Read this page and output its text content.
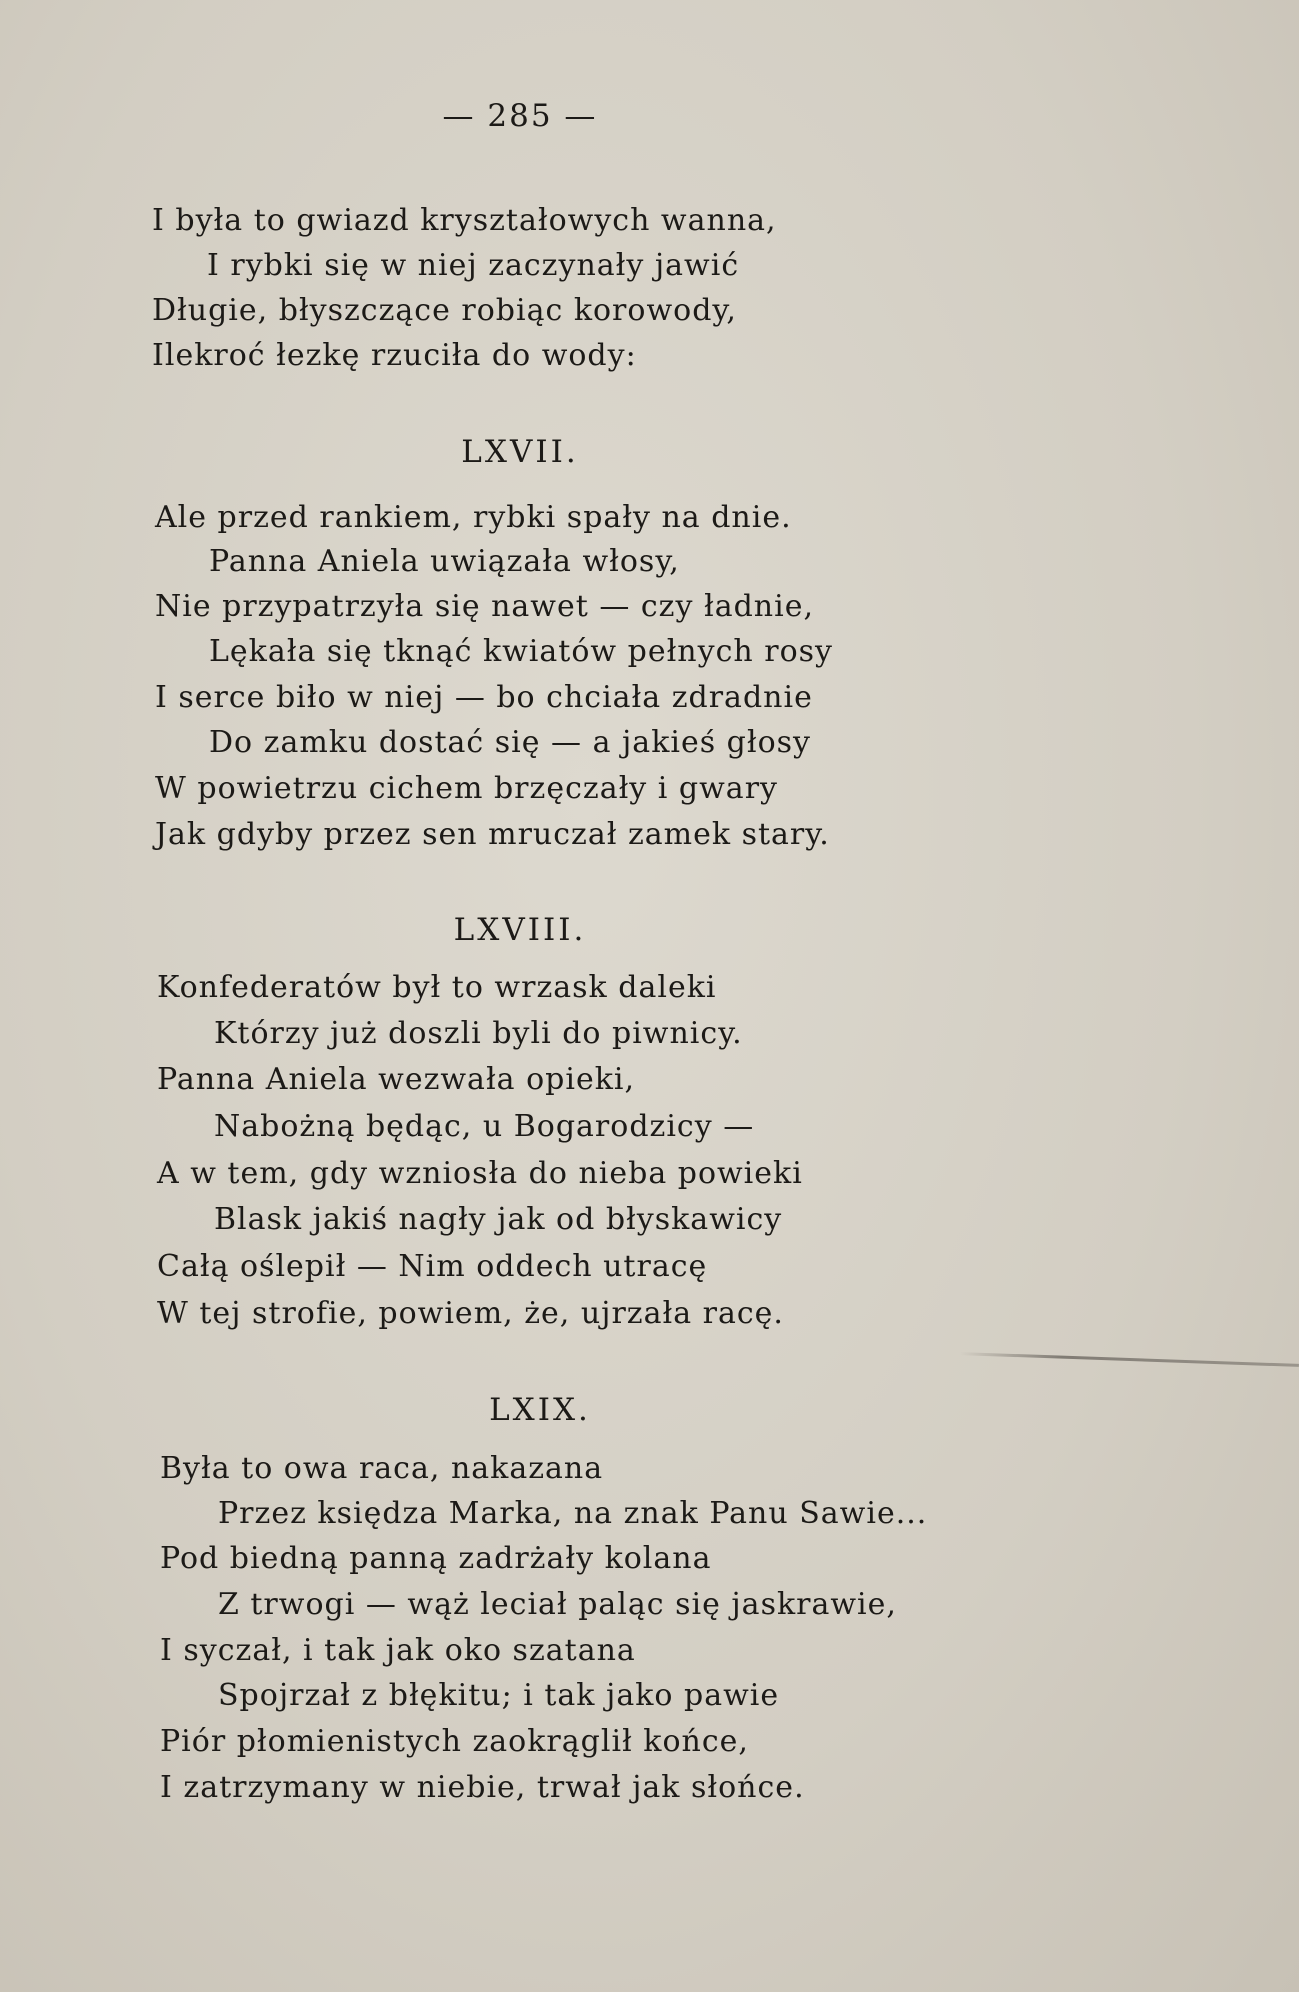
— 285 —
I była to gwiazd kryształowych wanna,
I rybki się w niej zaczynały jawić
Długie, błyszczące robiąc korowody,
Ilekroć łezkę rzuciła do wody:
LXVII.
Ale przed rankiem, rybki spały na dnie.
Panna Aniela uwiązała włosy,
Nie przypatrzyła się nawet — czy ładnie,
Lękała się tknąć kwiatów pełnych rosy
I serce biło w niej — bo chciała zdradnie
Do zamku dostać się — a jakieś głosy
W powietrzu cichem brzęczały i gwary
Jak gdyby przez sen mruczał zamek stary.
LXVIII.
Konfederatów był to wrzask daleki
Którzy już doszli byli do piwnicy.
Panna Aniela wezwała opieki,
Nabożną będąc, u Bogarodzicy —
A w tem, gdy wzniosła do nieba powieki
Blask jakiś nagły jak od błyskawicy
Całą oślepił — Nim oddech utracę
W tej strofie, powiem, że, ujrzała racę.
LXIX.
Była to owa raca, nakazana
Przez księdza Marka, na znak Panu Sawie...
Pod biedną panną zadrżały kolana
Z trwogi — wąż leciał paląc się jaskrawie,
I syczał, i tak jak oko szatana
Spojrzał z błękitu; i tak jako pawie
Piór płomienistych zaokrąglił końce,
I zatrzymany w niebie, trwał jak słońce.
